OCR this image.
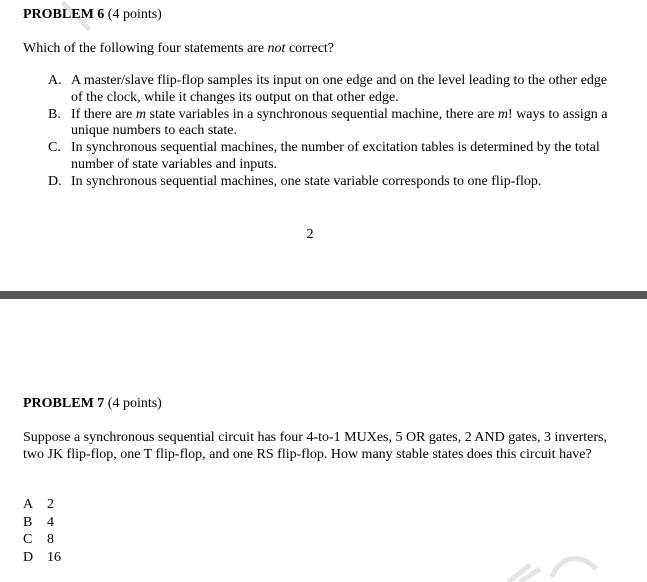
PROBLEM 6 (4 points)
Which of the following four statements are not correct?
A. A master/slave flip-flop samples its input on one edge and on the level leading to the other edge of the clock, while it changes its output on that other edge.
B. If there are m state variables in a synchronous sequential machine, there are m! ways to assign a unique numbers to each state.
C. In synchronous sequential machines, the number of excitation tables is determined by the total number of state variables and inputs.
D. In synchronous sequential machines, one state variable corresponds to one flip-flop.
2
PROBLEM 7 (4 points)
Suppose a synchronous sequential circuit has four 4-to-1 MUXes, 5 OR gates, 2 AND gates, 3 inverters, two JK flip-flop, one T flip-flop, and one RS flip-flop. How many stable states does this circuit have?
A 2
B 4
C 8
D 16
